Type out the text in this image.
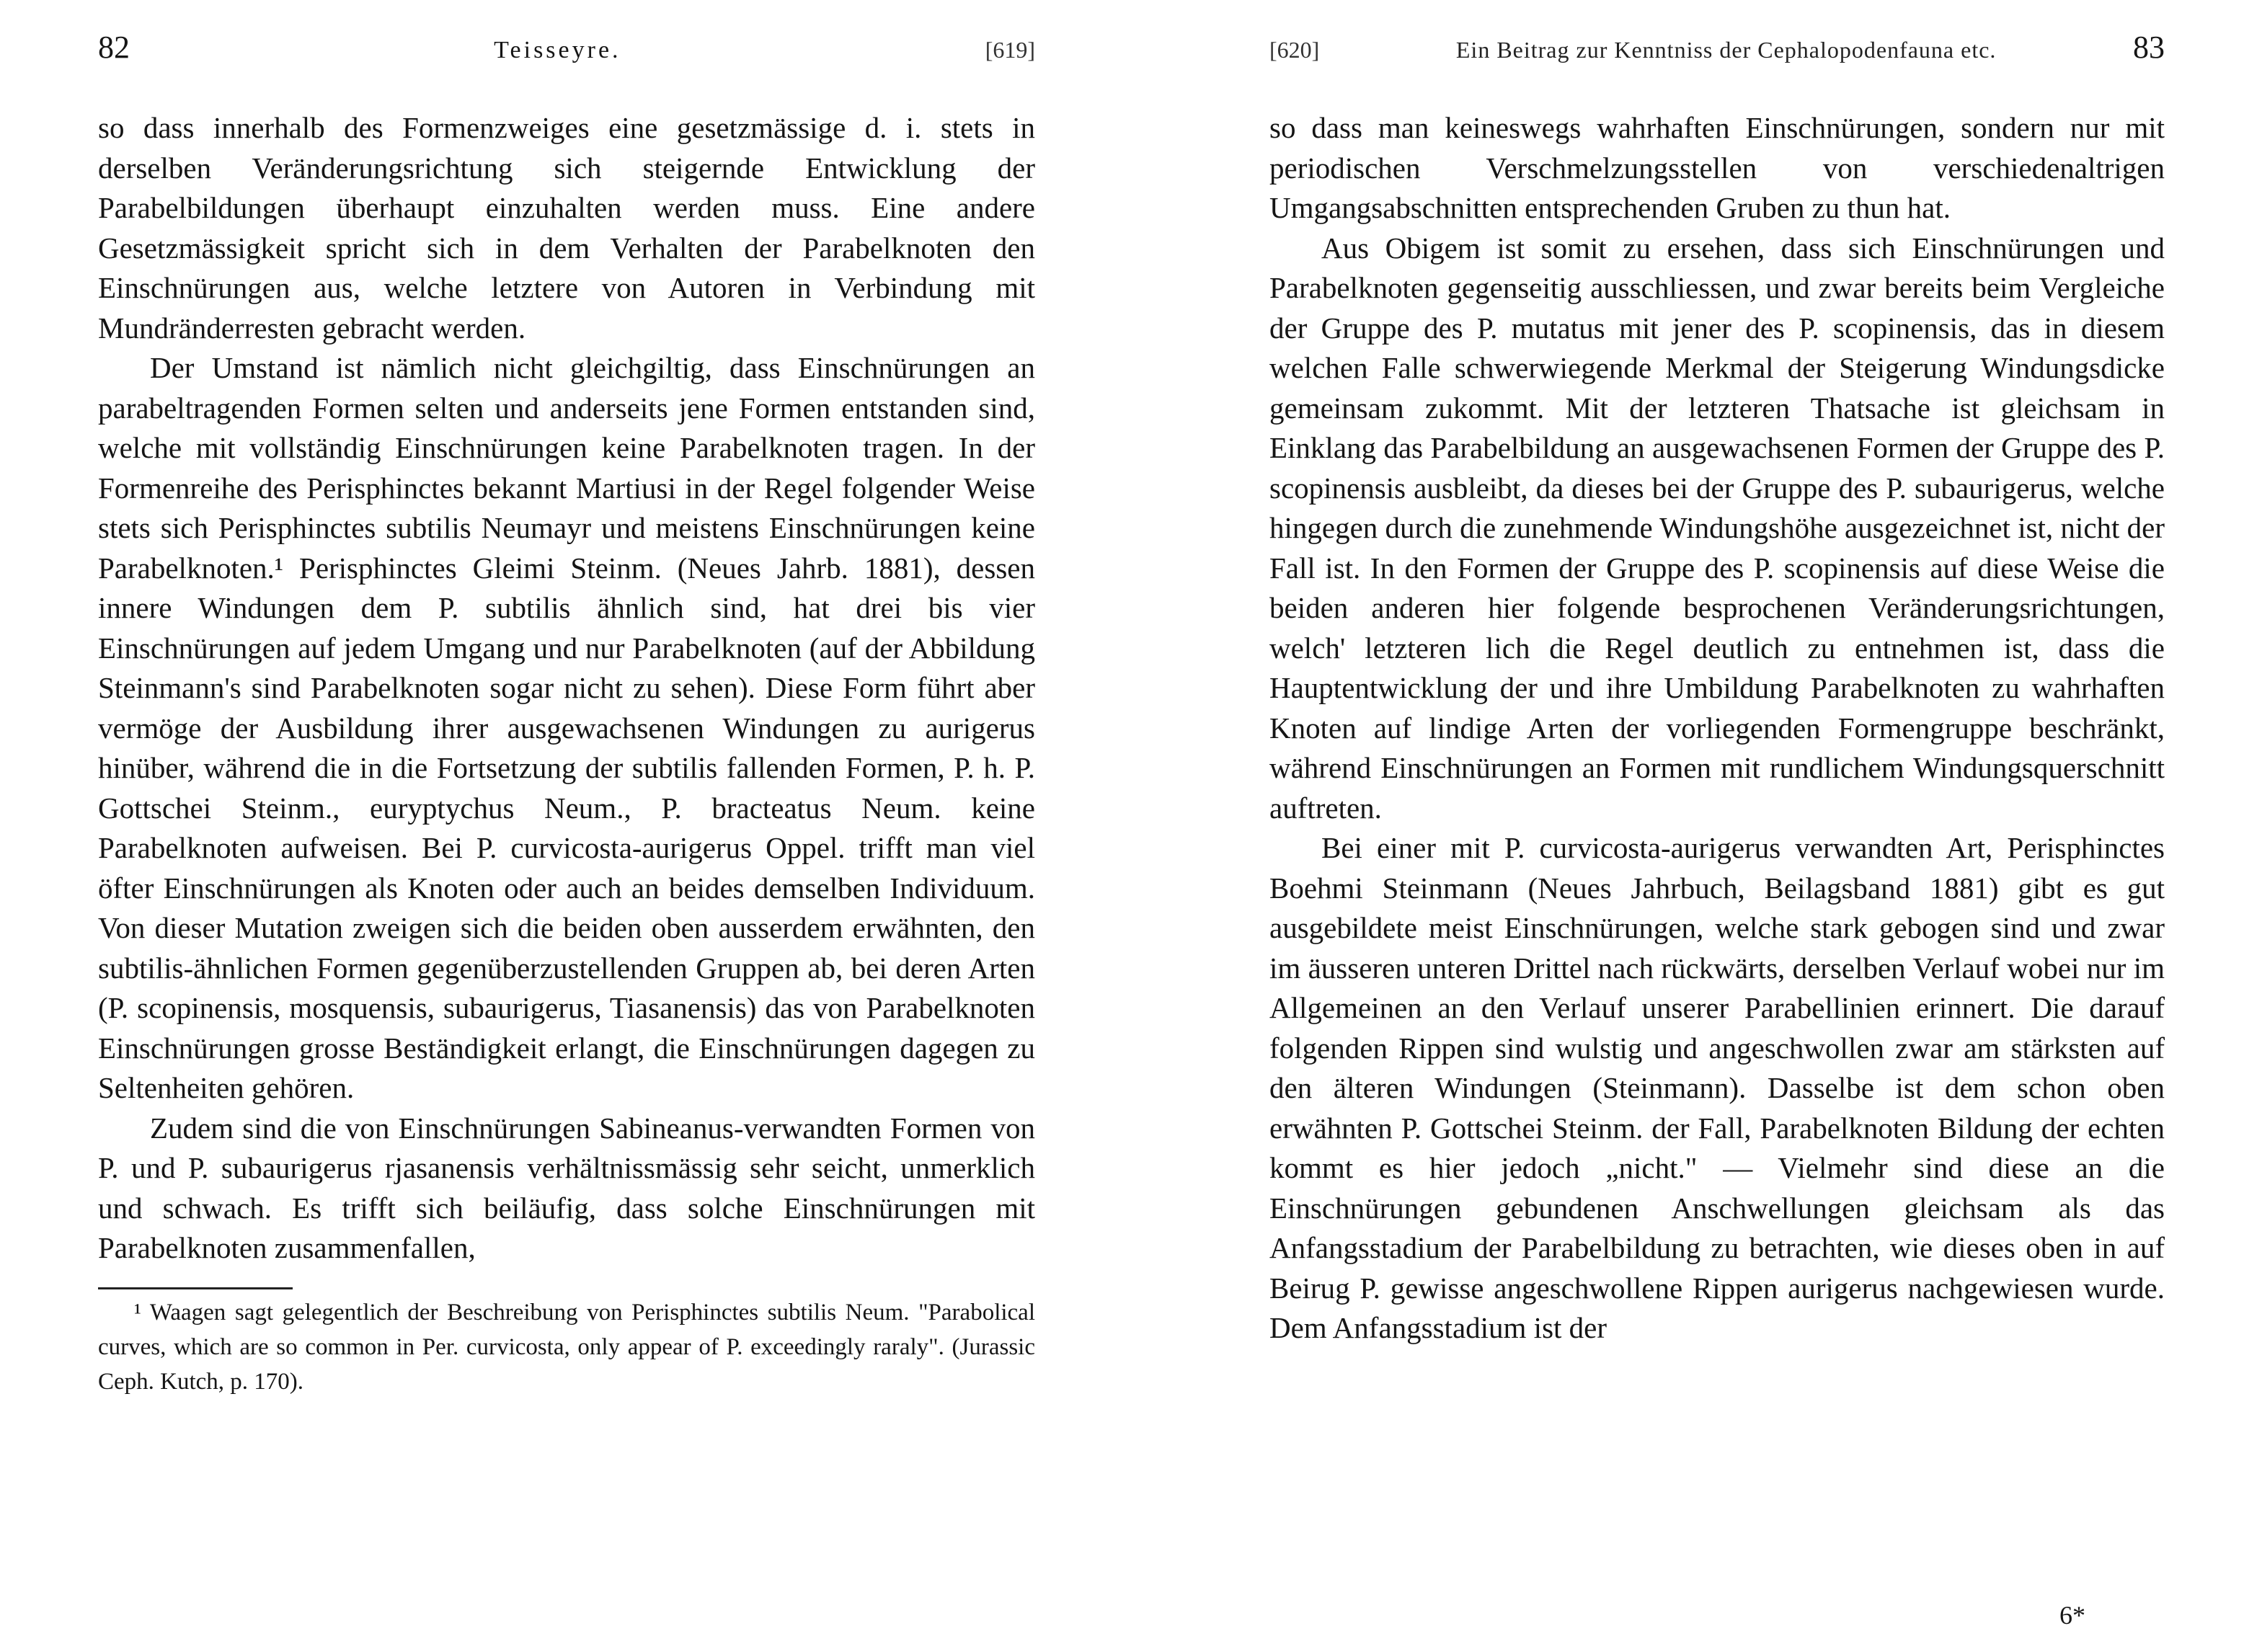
82	Teisseyre.	[619]

so dass innerhalb des Formenzweiges eine gesetzmässige d. i. stets in derselben Veränderungsrichtung sich steigernde Entwicklung der Parabelbildungen überhaupt einzuhalten werden muss. Eine andere Gesetzmässigkeit spricht sich in dem Verhalten der Parabelknoten den Einschnürungen aus, welche letztere von Autoren in Verbindung mit Mundränderresten gebracht werden.

Der Umstand ist nämlich nicht gleichgiltig, dass Einschnürungen an parabeltragenden Formen selten und anderseits jene Formen entstanden sind, welche mit vollständig Einschnürungen keine Parabelknoten tragen. In der Formenreihe des Perisphinctes bekannt Martiusi in der Regel folgender Weise stets sich Perisphinctes subtilis Neumayr und meistens Einschnürungen keine Parabelknoten.¹ Perisphinctes Gleimi Steinm. (Neues Jahrb. 1881), dessen innere Windungen dem P. subtilis ähnlich sind, hat drei bis vier Einschnürungen auf jedem Umgang und nur Parabelknoten (auf der Abbildung Steinmann's sind Parabelknoten sogar nicht zu sehen). Diese Form führt aber vermöge der Ausbildung ihrer ausgewachsenen Windungen zu aurigerus hinüber, während die in die Fortsetzung der subtilis fallenden Formen, P. h. P. Gottschei Steinm., euryptychus Neum., P. bracteatus Neum. keine Parabelknoten aufweisen. Bei P. curvicosta-aurigerus Oppel. trifft man viel öfter Einschnürungen als Knoten oder auch an beides demselben Individuum. Von dieser Mutation zweigen sich die beiden oben ausserdem erwähnten, den subtilis-ähnlichen Formen gegenüberzustellenden Gruppen ab, bei deren Arten (P. scopinensis, mosquensis, subaurigerus, Tiasanensis) das von Parabelknoten Einschnürungen grosse Beständigkeit erlangt, die Einschnürungen dagegen zu Seltenheiten gehören.

Zudem sind die von Einschnürungen Sabineanus-verwandten Formen von P. und P. subaurigerus rjasanensis verhältnissmässig sehr seicht, unmerklich und schwach. Es trifft sich beiläufig, dass solche Einschnürungen mit Parabelknoten zusammenfallen,

¹ Waagen sagt gelegentlich der Beschreibung von Perisphinctes subtilis Neum. "Parabolical curves, which are so common in Per. curvicosta, only appear of P. exceedingly raraly". (Jurassic Ceph. Kutch, p. 170).

[620]	Ein Beitrag zur Kenntniss der Cephalopodenfauna etc.	83

so dass man keineswegs wahrhaften Einschnürungen, sondern nur mit periodischen Verschmelzungsstellen von verschiedenaltrigen Umgangsabschnitten entsprechenden Gruben zu thun hat.

Aus Obigem ist somit zu ersehen, dass sich Einschnürungen und Parabelknoten gegenseitig ausschliessen, und zwar bereits beim Vergleiche der Gruppe des P. mutatus mit jener des P. scopinensis, das in diesem welchen Falle schwerwiegende Merkmal der Steigerung Windungsdicke gemeinsam zukommt. Mit der letzteren Thatsache ist gleichsam in Einklang das Parabelbildung an ausgewachsenen Formen der Gruppe des P. scopinensis ausbleibt, da dieses bei der Gruppe des P. subaurigerus, welche hingegen durch die zunehmende Windungshöhe ausgezeichnet ist, nicht der Fall ist. In den Formen der Gruppe des P. scopinensis auf diese Weise die beiden anderen hier folgende besprochenen Veränderungsrichtungen, welch' letzteren lich die Regel deutlich zu entnehmen ist, dass die Hauptentwicklung der und ihre Umbildung Parabelknoten zu wahrhaften Knoten auf lindige Arten der vorliegenden Formengruppe beschränkt, während Einschnürungen an Formen mit rundlichem Windungsquerschnitt auftreten.

Bei einer mit P. curvicosta-aurigerus verwandten Art, Perisphinctes Boehmi Steinmann (Neues Jahrbuch, Beilagsband 1881) gibt es gut ausgebildete meist Einschnürungen, welche stark gebogen sind und zwar im äusseren unteren Drittel nach rückwärts, derselben Verlauf wobei nur im Allgemeinen an den Verlauf unserer Parabellinien erinnert. Die darauf folgenden Rippen sind wulstig und angeschwollen zwar am stärksten auf den älteren Windungen (Steinmann). Dasselbe ist dem schon oben erwähnten P. Gottschei Steinm. der Fall, Parabelknoten Bildung der echten kommt es hier jedoch „nicht." — Vielmehr sind diese an die Einschnürungen gebundenen Anschwellungen gleichsam als das Anfangsstadium der Parabelbildung zu betrachten, wie dieses oben in auf Beirug P. gewisse angeschwollene Rippen aurigerus nachgewiesen wurde. Dem Anfangsstadium ist der

6*
